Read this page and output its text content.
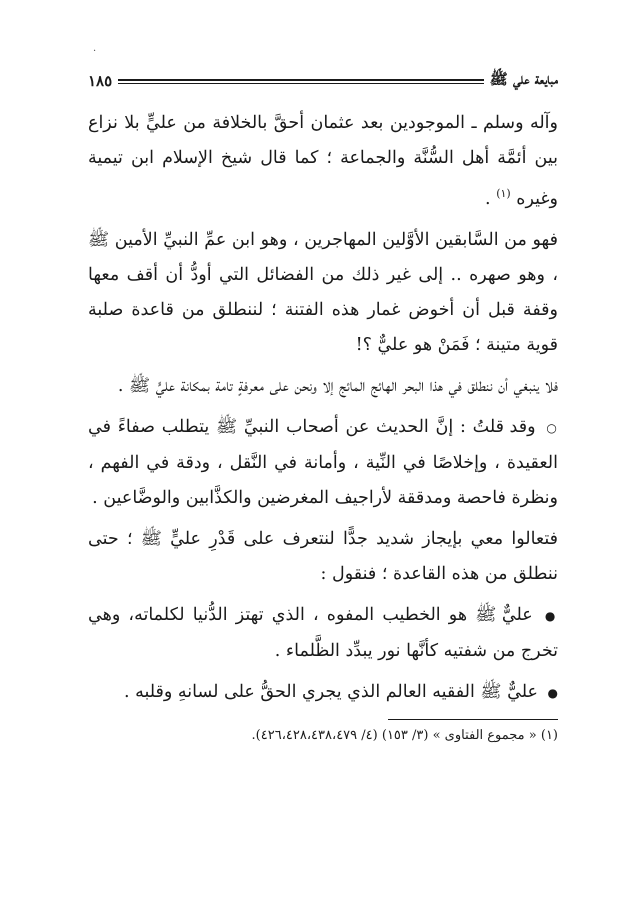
·
مبايعة علي ﷺ
١٨٥

وآله وسلم ـ الموجودين بعد عثمان أحقَّ بالخلافة من عليٍّ بلا نزاع بين أئمَّة أهل السُّنَّة والجماعة ؛ كما قال شيخ الإسلام ابن تيمية وغيره $^{(١)}$ .

فهو من السَّابقين الأوَّلين المهاجرين ، وهو ابن عمِّ النبيِّ الأمين ﷺ ، وهو صهره .. إلى غير ذلك من الفضائل التي أودُّ أن أقف معها وقفة قبل أن أخوض غمار هذه الفتنة ؛ لننطلق من قاعدة صلبة قوية متينة ؛ فَمَنْ هو عليٌّ ؟!

فلا ينبغي أن ننطلق في هذا البحر الهائج المائج إلا ونحن على معرفةٍ تامة بمكانة عليٍّ ﷺ .

○ وقد قلتُ : إنَّ الحديث عن أصحاب النبيِّ ﷺ يتطلب صفاءً في العقيدة ، وإخلاصًا في النِّية ، وأمانة في النَّقل ، ودقة في الفهم ، ونظرة فاحصة ومدققة لأراجيف المغرضين والكذَّابين والوضَّاعين .

فتعالوا معي بإيجاز شديد جدًّا لنتعرف على قَدْرِ عليٍّ ﷺ ؛ حتى ننطلق من هذه القاعدة ؛ فنقول :

● عليٌّ ﷺ هو الخطيب المفوه ، الذي تهتز الدُّنيا لكلماته، وهي تخرج من شفتيه كأنَّها نور يبدِّد الظَّلماء .

● عليٌّ ﷺ الفقيه العالم الذي يجري الحقُّ على لسانهِ وقلبه .

(١) « مجموع الفتاوى » (٣/ ١٥٣) (٤/ ٤٢٦،٤٢٨،٤٣٨،٤٧٩).
